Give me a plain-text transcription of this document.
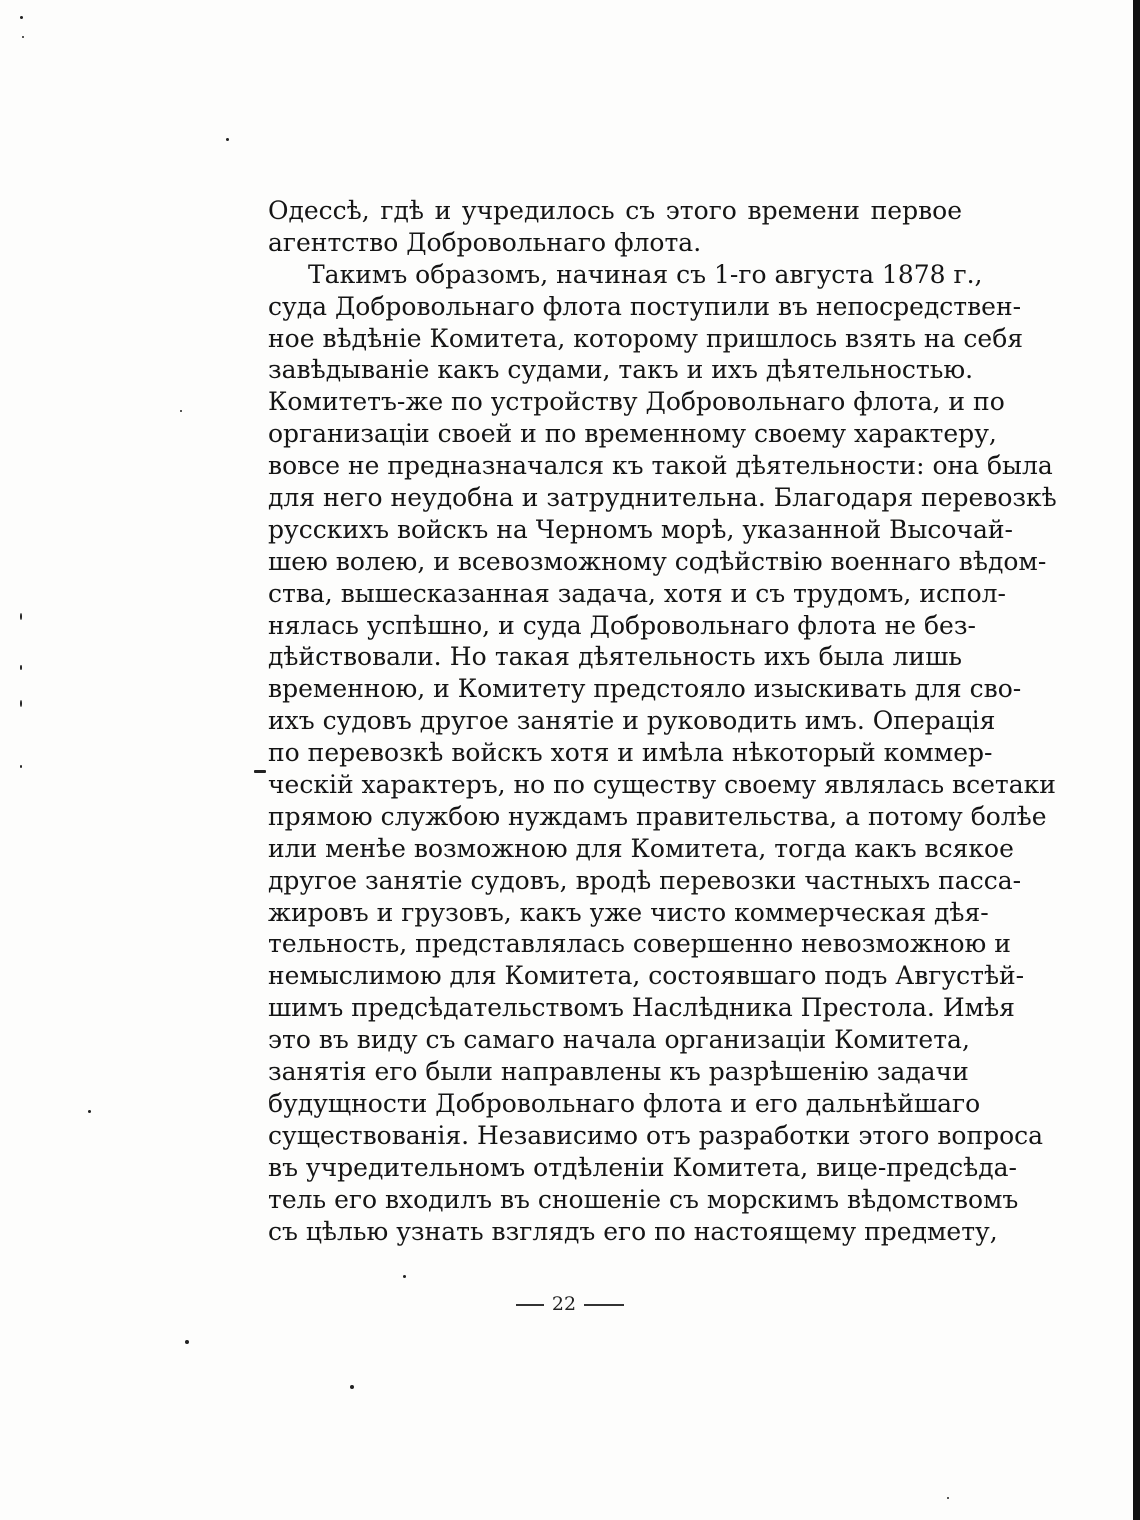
Одессѣ, гдѣ и учредилось съ этого времени первое
агентство Добровольнаго флота.
Такимъ образомъ, начиная съ 1-го августа 1878 г.,
суда Добровольнаго флота поступили въ непосредствен-
ное вѣдѣніе Комитета, которому пришлось взять на себя
завѣдываніе какъ судами, такъ и ихъ дѣятельностью.
Комитетъ-же по устройству Добровольнаго флота, и по
организаціи своей и по временному своему характеру,
вовсе не предназначался къ такой дѣятельности: она была
для него неудобна и затруднительна. Благодаря перевозкѣ
русскихъ войскъ на Черномъ морѣ, указанной Высочай-
шею волею, и всевозможному содѣйствію военнаго вѣдом-
ства, вышесказанная задача, хотя и съ трудомъ, испол-
нялась успѣшно, и суда Добровольнаго флота не без-
дѣйствовали. Но такая дѣятельность ихъ была лишь
временною, и Комитету предстояло изыскивать для сво-
ихъ судовъ другое занятіе и руководить имъ. Операція
по перевозкѣ войскъ хотя и имѣла нѣкоторый коммер-
ческій характеръ, но по существу своему являлась всетаки
прямою службою нуждамъ правительства, а потому болѣе
или менѣе возможною для Комитета, тогда какъ всякое
другое занятіе судовъ, вродѣ перевозки частныхъ пасса-
жировъ и грузовъ, какъ уже чисто коммерческая дѣя-
тельность, представлялась совершенно невозможною и
немыслимою для Комитета, состоявшаго подъ Августѣй-
шимъ предсѣдательствомъ Наслѣдника Престола. Имѣя
это въ виду съ самаго начала организаціи Комитета,
занятія его были направлены къ разрѣшенію задачи
будущности Добровольнаго флота и его дальнѣйшаго
существованія. Независимо отъ разработки этого вопроса
въ учредительномъ отдѣленіи Комитета, вице-предсѣда-
тель его входилъ въ сношеніе съ морскимъ вѣдомствомъ
съ цѣлью узнать взглядъ его по настоящему предмету,
22
